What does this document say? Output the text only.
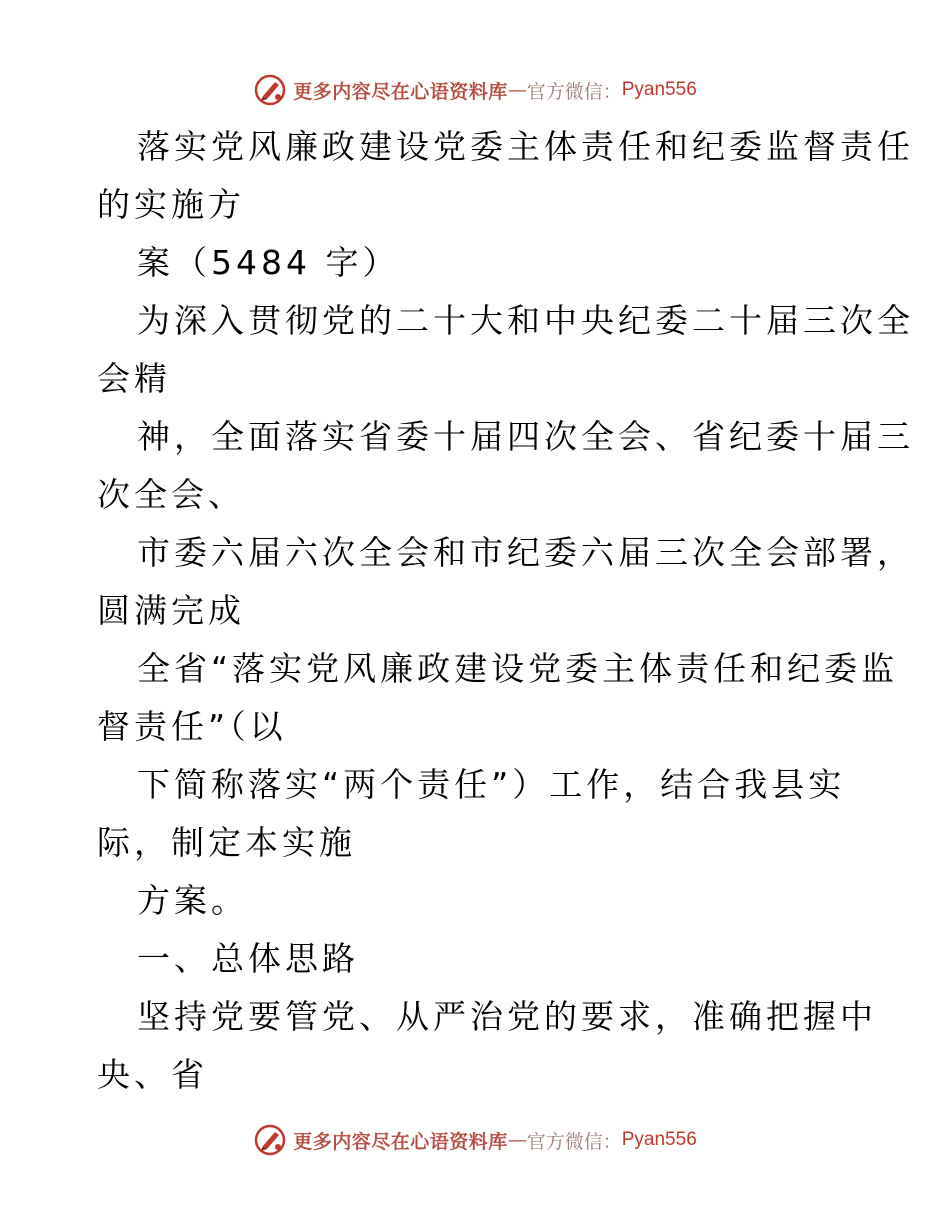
更多内容尽在心语资料库 — 官方微信： Pyan556
落实党风廉政建设党委主体责任和纪委监督责任
的实施方
案（5484 字）
为深入贯彻党的二十大和中央纪委二十届三次全
会精
神，全面落实省委十届四次全会、省纪委十届三
次全会、
市委六届六次全会和市纪委六届三次全会部署，
圆满完成
全省“落实党风廉政建设党委主体责任和纪委监
督责任”（以
下简称落实“两个责任”）工作，结合我县实
际，制定本实施
方案。
一、总体思路
坚持党要管党、从严治党的要求，准确把握中
央、省
更多内容尽在心语资料库 — 官方微信： Pyan556
